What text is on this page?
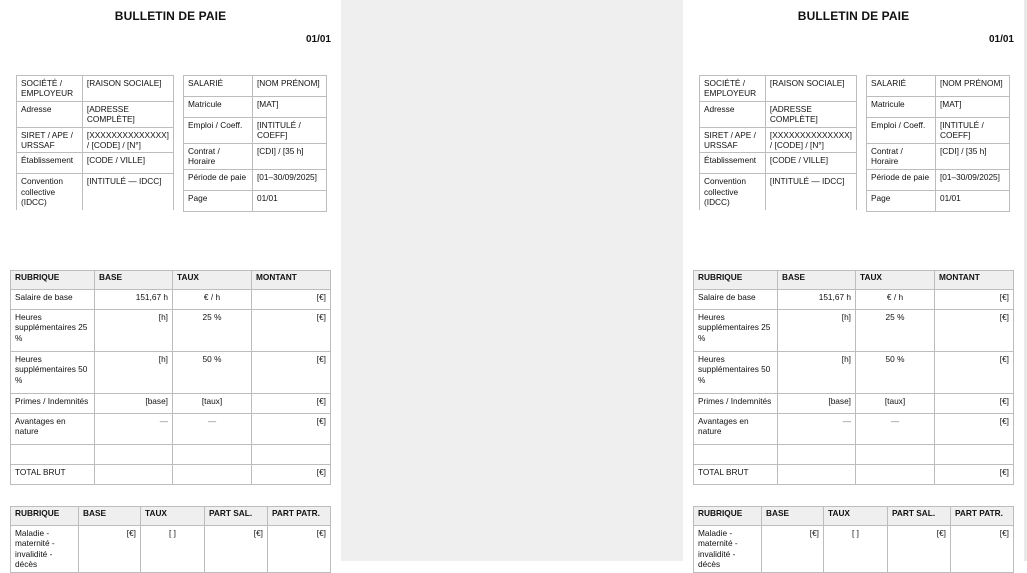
BULLETIN DE PAIE
01/01
SOCIÉTÉ / EMPLOYEUR	[RAISON SOCIALE]
Adresse	[ADRESSE COMPLÈTE]
SIRET / APE / URSSAF	[XXXXXXXXXXXXXX] / [CODE] / [N°]
Établissement	[CODE / VILLE]
Convention collective (IDCC)	[INTITULÉ — IDCC]
SALARIÉ	[NOM PRÉNOM]
Matricule	[MAT]
Emploi / Coeff.	[INTITULÉ / COEFF]
Contrat / Horaire	[CDI] / [35 h]
Période de paie	[01–30/09/2025]
Page	01/01
RUBRIQUE	BASE	TAUX	MONTANT
Salaire de base	151,67 h	€ / h	[€]
Heures supplémentaires 25 %	[h]	25 %	[€]
Heures supplémentaires 50 %	[h]	50 %	[€]
Primes / Indemnités	[base]	[taux]	[€]
Avantages en nature	—	—	[€]

TOTAL BRUT			[€]
RUBRIQUE	BASE	TAUX	PART SAL.	PART PATR.
Maladie - maternité - invalidité - décès	[€]	[ ]	[€]	[€]
BULLETIN DE PAIE
01/01
SOCIÉTÉ / EMPLOYEUR	[RAISON SOCIALE]
Adresse	[ADRESSE COMPLÈTE]
SIRET / APE / URSSAF	[XXXXXXXXXXXXXX] / [CODE] / [N°]
Établissement	[CODE / VILLE]
Convention collective (IDCC)	[INTITULÉ — IDCC]
SALARIÉ	[NOM PRÉNOM]
Matricule	[MAT]
Emploi / Coeff.	[INTITULÉ / COEFF]
Contrat / Horaire	[CDI] / [35 h]
Période de paie	[01–30/09/2025]
Page	01/01
RUBRIQUE	BASE	TAUX	MONTANT
Salaire de base	151,67 h	€ / h	[€]
Heures supplémentaires 25 %	[h]	25 %	[€]
Heures supplémentaires 50 %	[h]	50 %	[€]
Primes / Indemnités	[base]	[taux]	[€]
Avantages en nature	—	—	[€]

TOTAL BRUT			[€]
RUBRIQUE	BASE	TAUX	PART SAL.	PART PATR.
Maladie - maternité - invalidité - décès	[€]	[ ]	[€]	[€]
